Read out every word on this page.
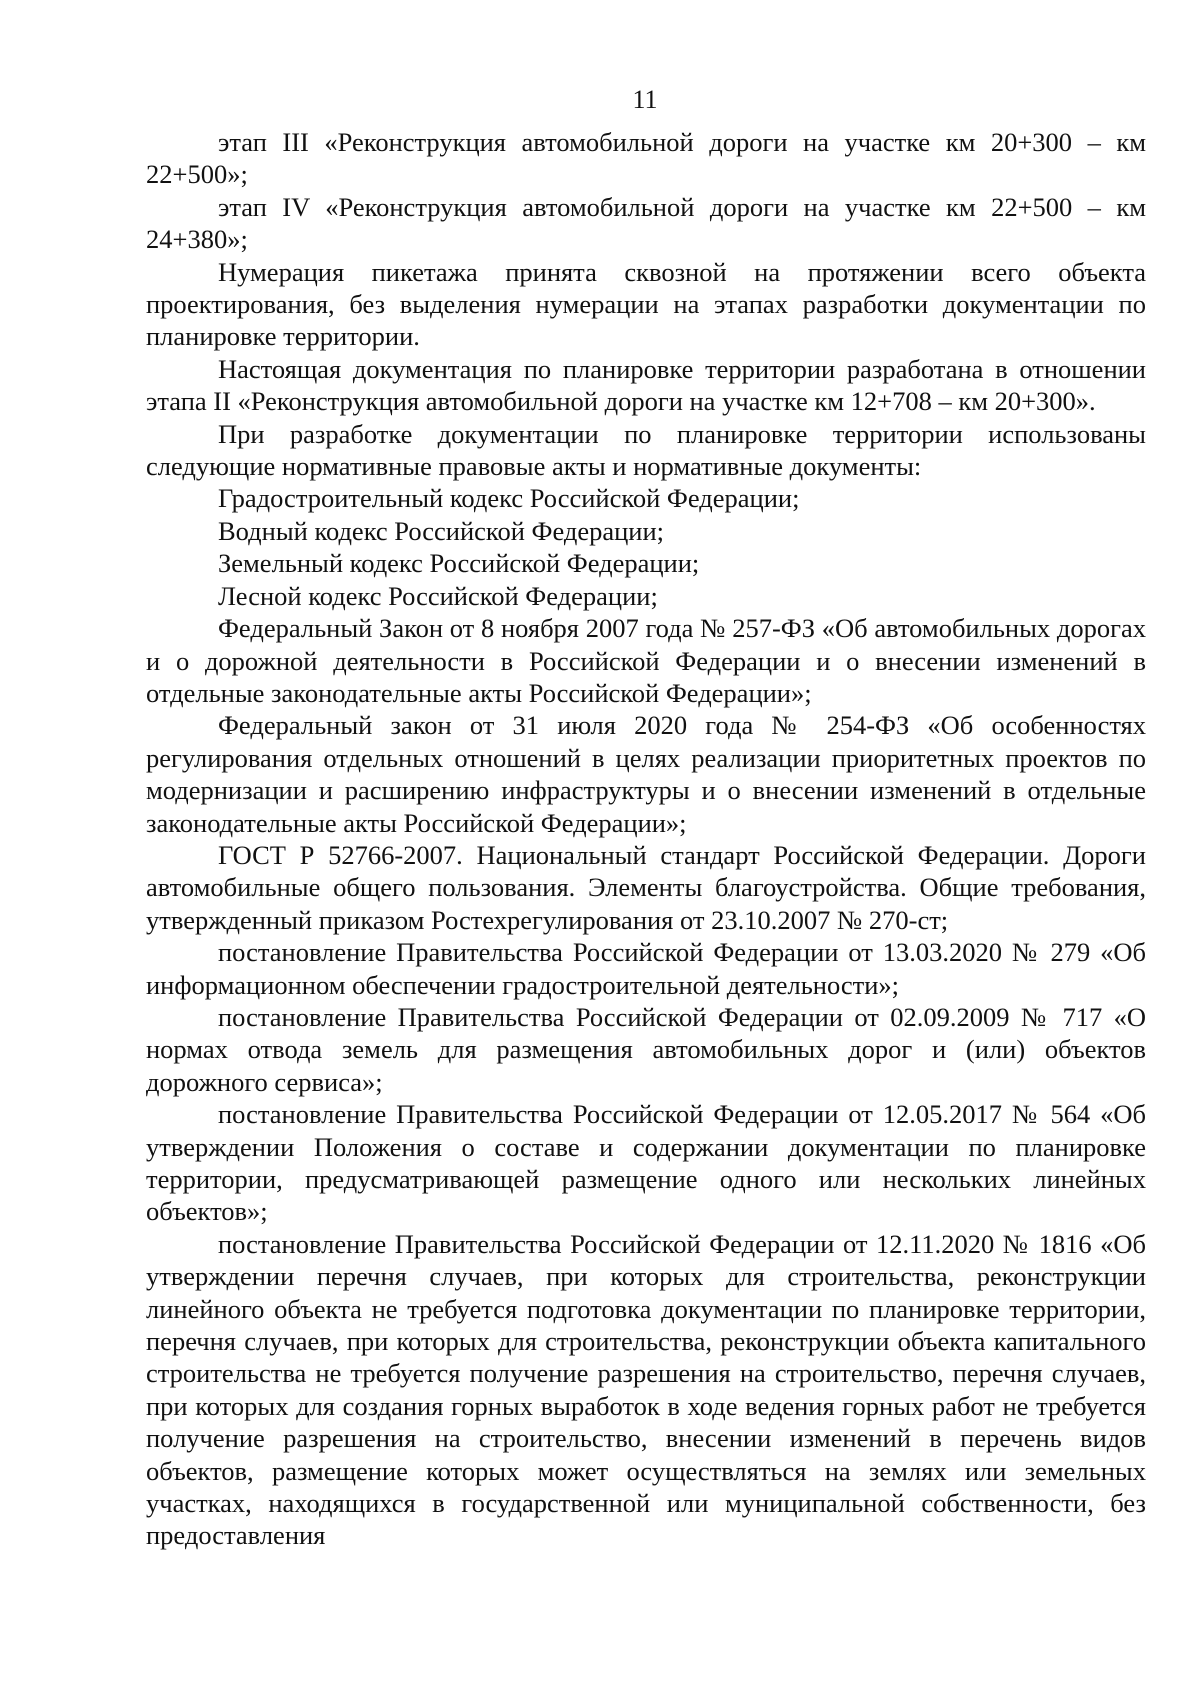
11

этап III «Реконструкция автомобильной дороги на участке км 20+300 – км 22+500»;

этап IV «Реконструкция автомобильной дороги на участке км 22+500 – км 24+380»;

Нумерация пикетажа принята сквозной на протяжении всего объекта проектирования, без выделения нумерации на этапах разработки документации по планировке территории.

Настоящая документация по планировке территории разработана в отношении этапа II «Реконструкция автомобильной дороги на участке км 12+708 – км 20+300».

При разработке документации по планировке территории использованы следующие нормативные правовые акты и нормативные документы:

Градостроительный кодекс Российской Федерации;

Водный кодекс Российской Федерации;

Земельный кодекс Российской Федерации;

Лесной кодекс Российской Федерации;

Федеральный Закон от 8 ноября 2007 года № 257-ФЗ «Об автомобильных дорогах и о дорожной деятельности в Российской Федерации и о внесении изменений в отдельные законодательные акты Российской Федерации»;

Федеральный закон от 31 июля 2020 года № 254-ФЗ «Об особенностях регулирования отдельных отношений в целях реализации приоритетных проектов по модернизации и расширению инфраструктуры и о внесении изменений в отдельные законодательные акты Российской Федерации»;

ГОСТ Р 52766-2007. Национальный стандарт Российской Федерации. Дороги автомобильные общего пользования. Элементы благоустройства. Общие требования, утвержденный приказом Ростехрегулирования от 23.10.2007 № 270-ст;

постановление Правительства Российской Федерации от 13.03.2020 № 279 «Об информационном обеспечении градостроительной деятельности»;

постановление Правительства Российской Федерации от 02.09.2009 № 717 «О нормах отвода земель для размещения автомобильных дорог и (или) объектов дорожного сервиса»;

постановление Правительства Российской Федерации от 12.05.2017 № 564 «Об утверждении Положения о составе и содержании документации по планировке территории, предусматривающей размещение одного или нескольких линейных объектов»;

постановление Правительства Российской Федерации от 12.11.2020 № 1816 «Об утверждении перечня случаев, при которых для строительства, реконструкции линейного объекта не требуется подготовка документации по планировке территории, перечня случаев, при которых для строительства, реконструкции объекта капитального строительства не требуется получение разрешения на строительство, перечня случаев, при которых для создания горных выработок в ходе ведения горных работ не требуется получение разрешения на строительство, внесении изменений в перечень видов объектов, размещение которых может осуществляться на землях или земельных участках, находящихся в государственной или муниципальной собственности, без предоставления
